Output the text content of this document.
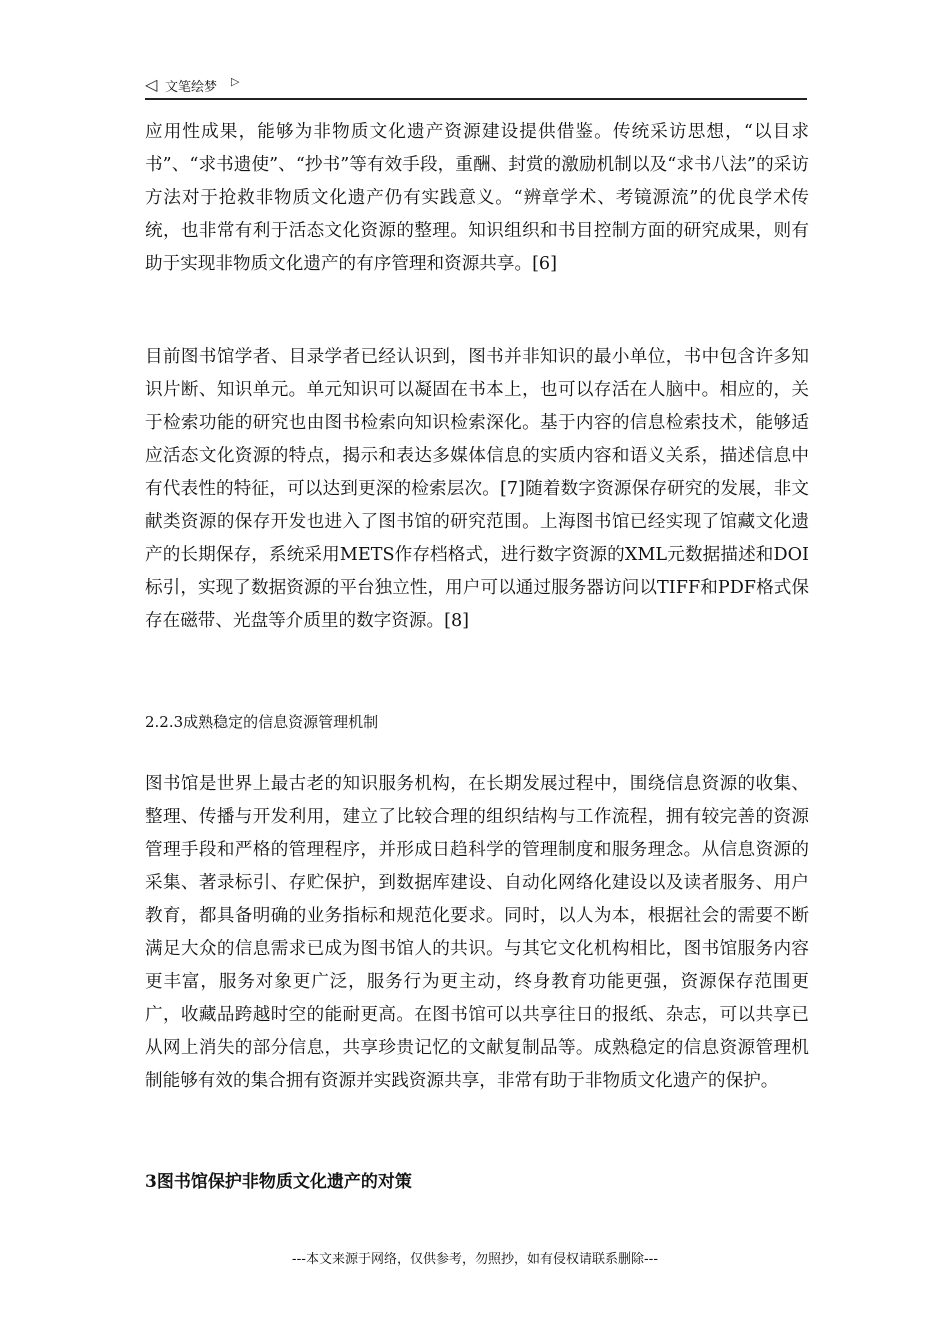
◁ 文笔绘梦 ▷

应用性成果，能够为非物质文化遗产资源建设提供借鉴。传统采访思想，“以目求书”、“求书遗使”、“抄书”等有效手段，重酬、封赏的激励机制以及“求书八法”的采访方法对于抢救非物质文化遗产仍有实践意义。“辨章学术、考镜源流”的优良学术传统，也非常有利于活态文化资源的整理。知识组织和书目控制方面的研究成果，则有助于实现非物质文化遗产的有序管理和资源共享。[6]

目前图书馆学者、目录学者已经认识到，图书并非知识的最小单位，书中包含许多知识片断、知识单元。单元知识可以凝固在书本上，也可以存活在人脑中。相应的，关于检索功能的研究也由图书检索向知识检索深化。基于内容的信息检索技术，能够适应活态文化资源的特点，揭示和表达多媒体信息的实质内容和语义关系，描述信息中有代表性的特征，可以达到更深的检索层次。[7]随着数字资源保存研究的发展，非文献类资源的保存开发也进入了图书馆的研究范围。上海图书馆已经实现了馆藏文化遗产的长期保存，系统采用METS作存档格式，进行数字资源的XML元数据描述和DOI标引，实现了数据资源的平台独立性，用户可以通过服务器访问以TIFF和PDF格式保存在磁带、光盘等介质里的数字资源。[8]

2.2.3成熟稳定的信息资源管理机制

图书馆是世界上最古老的知识服务机构，在长期发展过程中，围绕信息资源的收集、整理、传播与开发利用，建立了比较合理的组织结构与工作流程，拥有较完善的资源管理手段和严格的管理程序，并形成日趋科学的管理制度和服务理念。从信息资源的采集、著录标引、存贮保护，到数据库建设、自动化网络化建设以及读者服务、用户教育，都具备明确的业务指标和规范化要求。同时，以人为本，根据社会的需要不断满足大众的信息需求已成为图书馆人的共识。与其它文化机构相比，图书馆服务内容更丰富，服务对象更广泛，服务行为更主动，终身教育功能更强，资源保存范围更广，收藏品跨越时空的能耐更高。在图书馆可以共享往日的报纸、杂志，可以共享已从网上消失的部分信息，共享珍贵记忆的文献复制品等。成熟稳定的信息资源管理机制能够有效的集合拥有资源并实践资源共享，非常有助于非物质文化遗产的保护。

3图书馆保护非物质文化遗产的对策

---本文来源于网络，仅供参考，勿照抄，如有侵权请联系删除---
